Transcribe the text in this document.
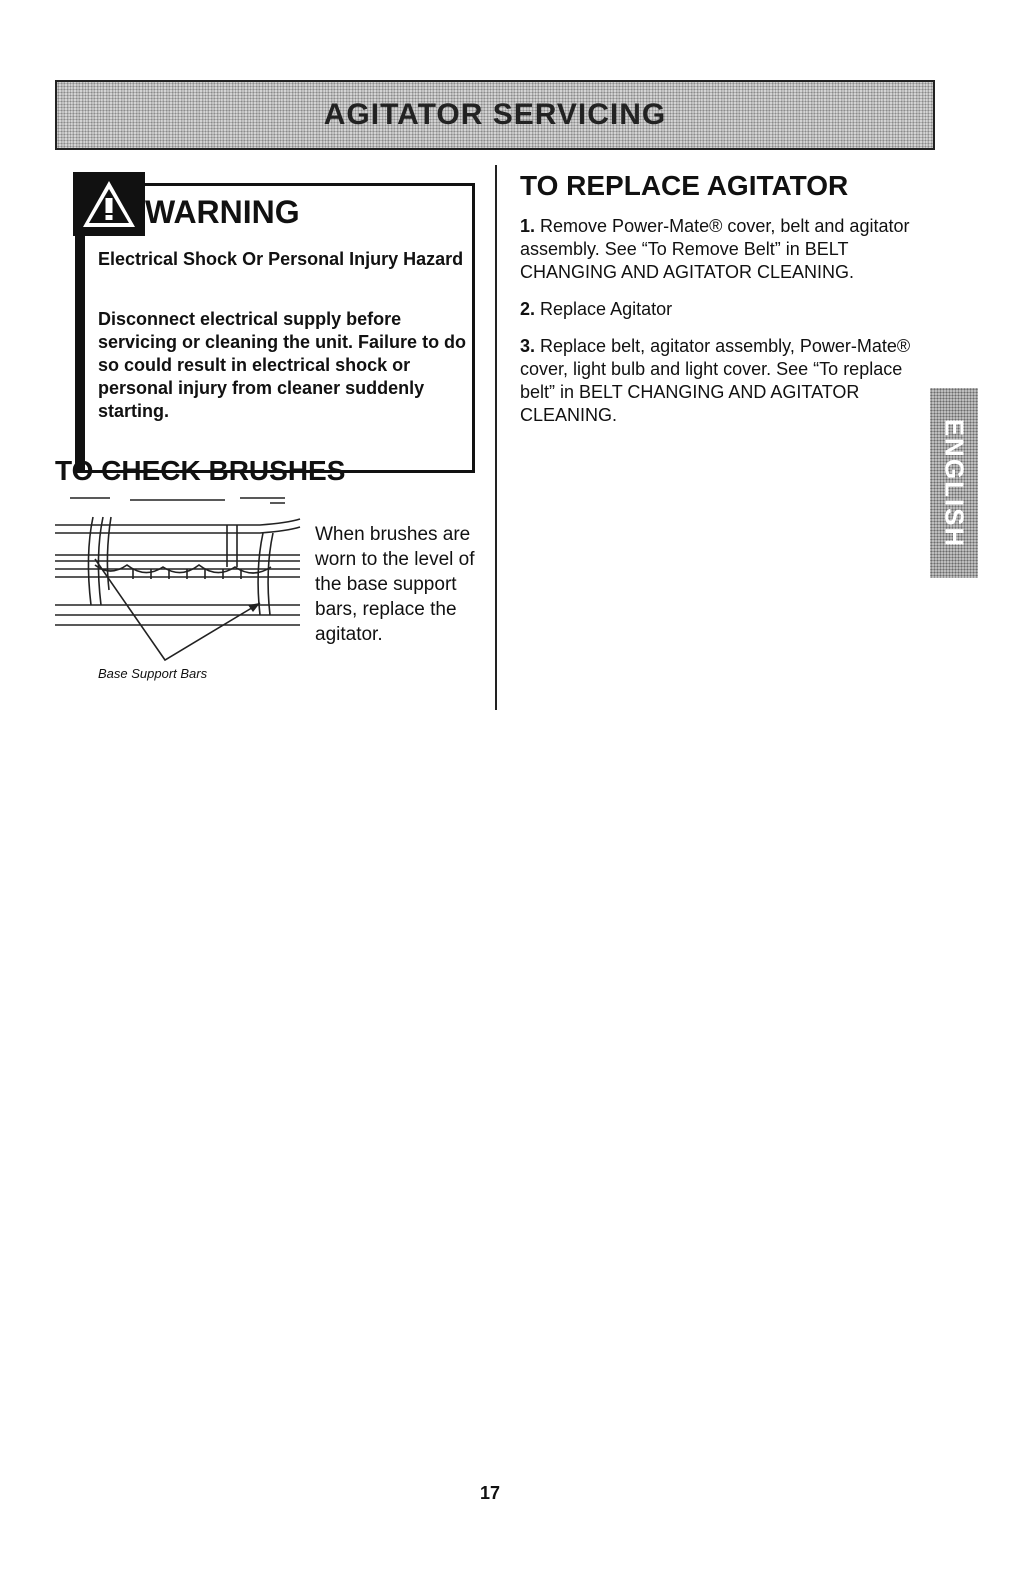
AGITATOR SERVICING
WARNING

Electrical Shock Or Personal Injury Hazard

Disconnect electrical supply before servicing or cleaning the unit. Failure to do so could result in electrical shock or personal injury from cleaner suddenly starting.

TO CHECK BRUSHES
Base Support Bars

When brushes are worn to the level of the base support bars, replace the agitator.

TO REPLACE AGITATOR

1. Remove Power-Mate® cover, belt and agitator assembly. See “To Remove Belt” in BELT CHANGING AND AGITATOR CLEANING.

2. Replace Agitator

3. Replace belt, agitator assembly, Power-Mate® cover, light bulb and light cover. See “To replace belt” in BELT CHANGING AND AGITATOR CLEANING.

ENGLISH
17
